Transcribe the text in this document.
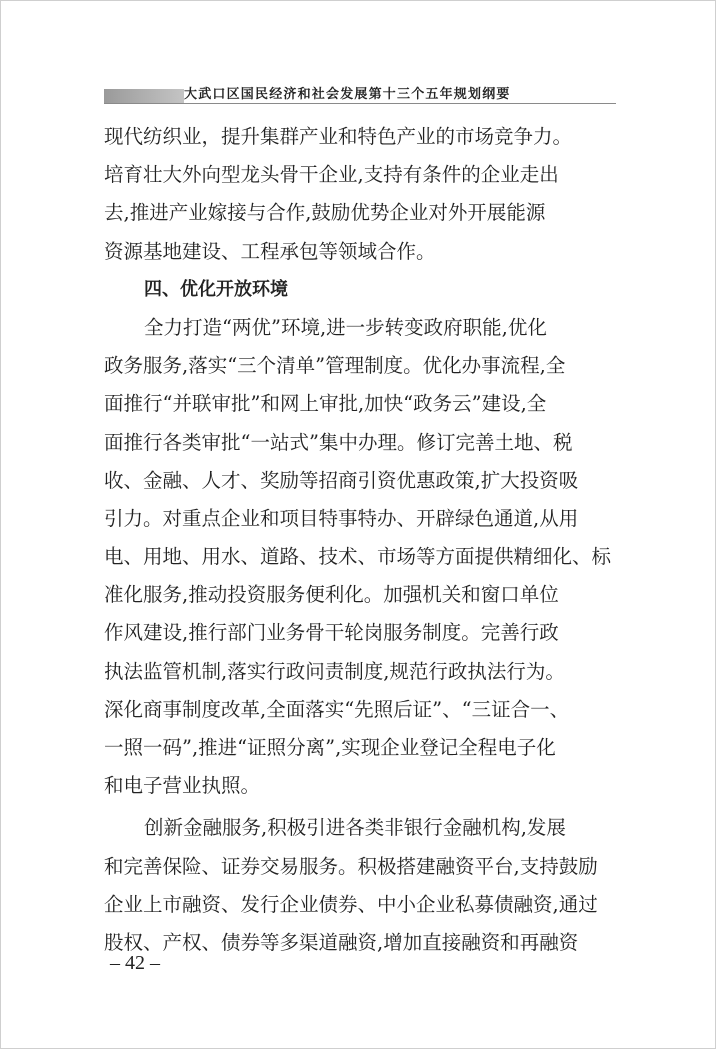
大武口区国民经济和社会发展第十三个五年规划纲要
现代纺织业，提升集群产业和特色产业的市场竞争力。
培育壮大外向型龙头骨干企业,支持有条件的企业走出
去,推进产业嫁接与合作,鼓励优势企业对外开展能源
资源基地建设、工程承包等领域合作。
四、优化开放环境
全力打造“两优”环境,进一步转变政府职能,优化
政务服务,落实“三个清单”管理制度。优化办事流程,全
面推行“并联审批”和网上审批,加快“政务云”建设,全
面推行各类审批“一站式”集中办理。修订完善土地、税
收、金融、人才、奖励等招商引资优惠政策,扩大投资吸
引力。对重点企业和项目特事特办、开辟绿色通道,从用
电、用地、用水、道路、技术、市场等方面提供精细化、标
准化服务,推动投资服务便利化。加强机关和窗口单位
作风建设,推行部门业务骨干轮岗服务制度。完善行政
执法监管机制,落实行政问责制度,规范行政执法行为。
深化商事制度改革,全面落实“先照后证”、“三证合一、
一照一码”,推进“证照分离”,实现企业登记全程电子化
和电子营业执照。
创新金融服务,积极引进各类非银行金融机构,发展
和完善保险、证券交易服务。积极搭建融资平台,支持鼓励
企业上市融资、发行企业债券、中小企业私募债融资,通过
股权、产权、债券等多渠道融资,增加直接融资和再融资
– 42 –
